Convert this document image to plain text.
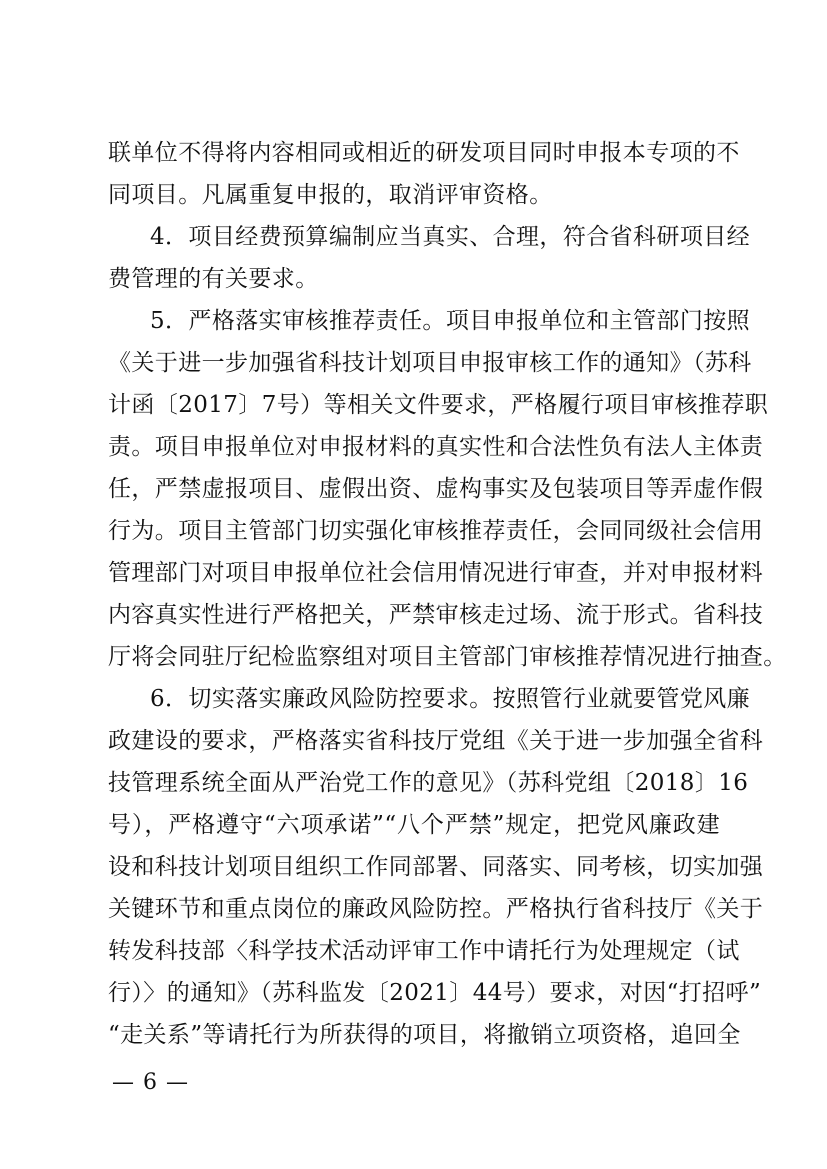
联单位不得将内容相同或相近的研发项目同时申报本专项的不
同项目。凡属重复申报的，取消评审资格。
4．项目经费预算编制应当真实、合理，符合省科研项目经
费管理的有关要求。
5．严格落实审核推荐责任。项目申报单位和主管部门按照
《关于进一步加强省科技计划项目申报审核工作的通知》（苏科
计函〔2017〕7号）等相关文件要求，严格履行项目审核推荐职
责。项目申报单位对申报材料的真实性和合法性负有法人主体责
任，严禁虚报项目、虚假出资、虚构事实及包装项目等弄虚作假
行为。项目主管部门切实强化审核推荐责任，会同同级社会信用
管理部门对项目申报单位社会信用情况进行审查，并对申报材料
内容真实性进行严格把关，严禁审核走过场、流于形式。省科技
厅将会同驻厅纪检监察组对项目主管部门审核推荐情况进行抽查。
6．切实落实廉政风险防控要求。按照管行业就要管党风廉
政建设的要求，严格落实省科技厅党组《关于进一步加强全省科
技管理系统全面从严治党工作的意见》（苏科党组〔2018〕16
号），严格遵守“六项承诺”“八个严禁”规定，把党风廉政建
设和科技计划项目组织工作同部署、同落实、同考核，切实加强
关键环节和重点岗位的廉政风险防控。严格执行省科技厅《关于
转发科技部〈科学技术活动评审工作中请托行为处理规定（试
行）〉的通知》（苏科监发〔2021〕44号）要求，对因“打招呼”
“走关系”等请托行为所获得的项目，将撤销立项资格，追回全
— 6 —
